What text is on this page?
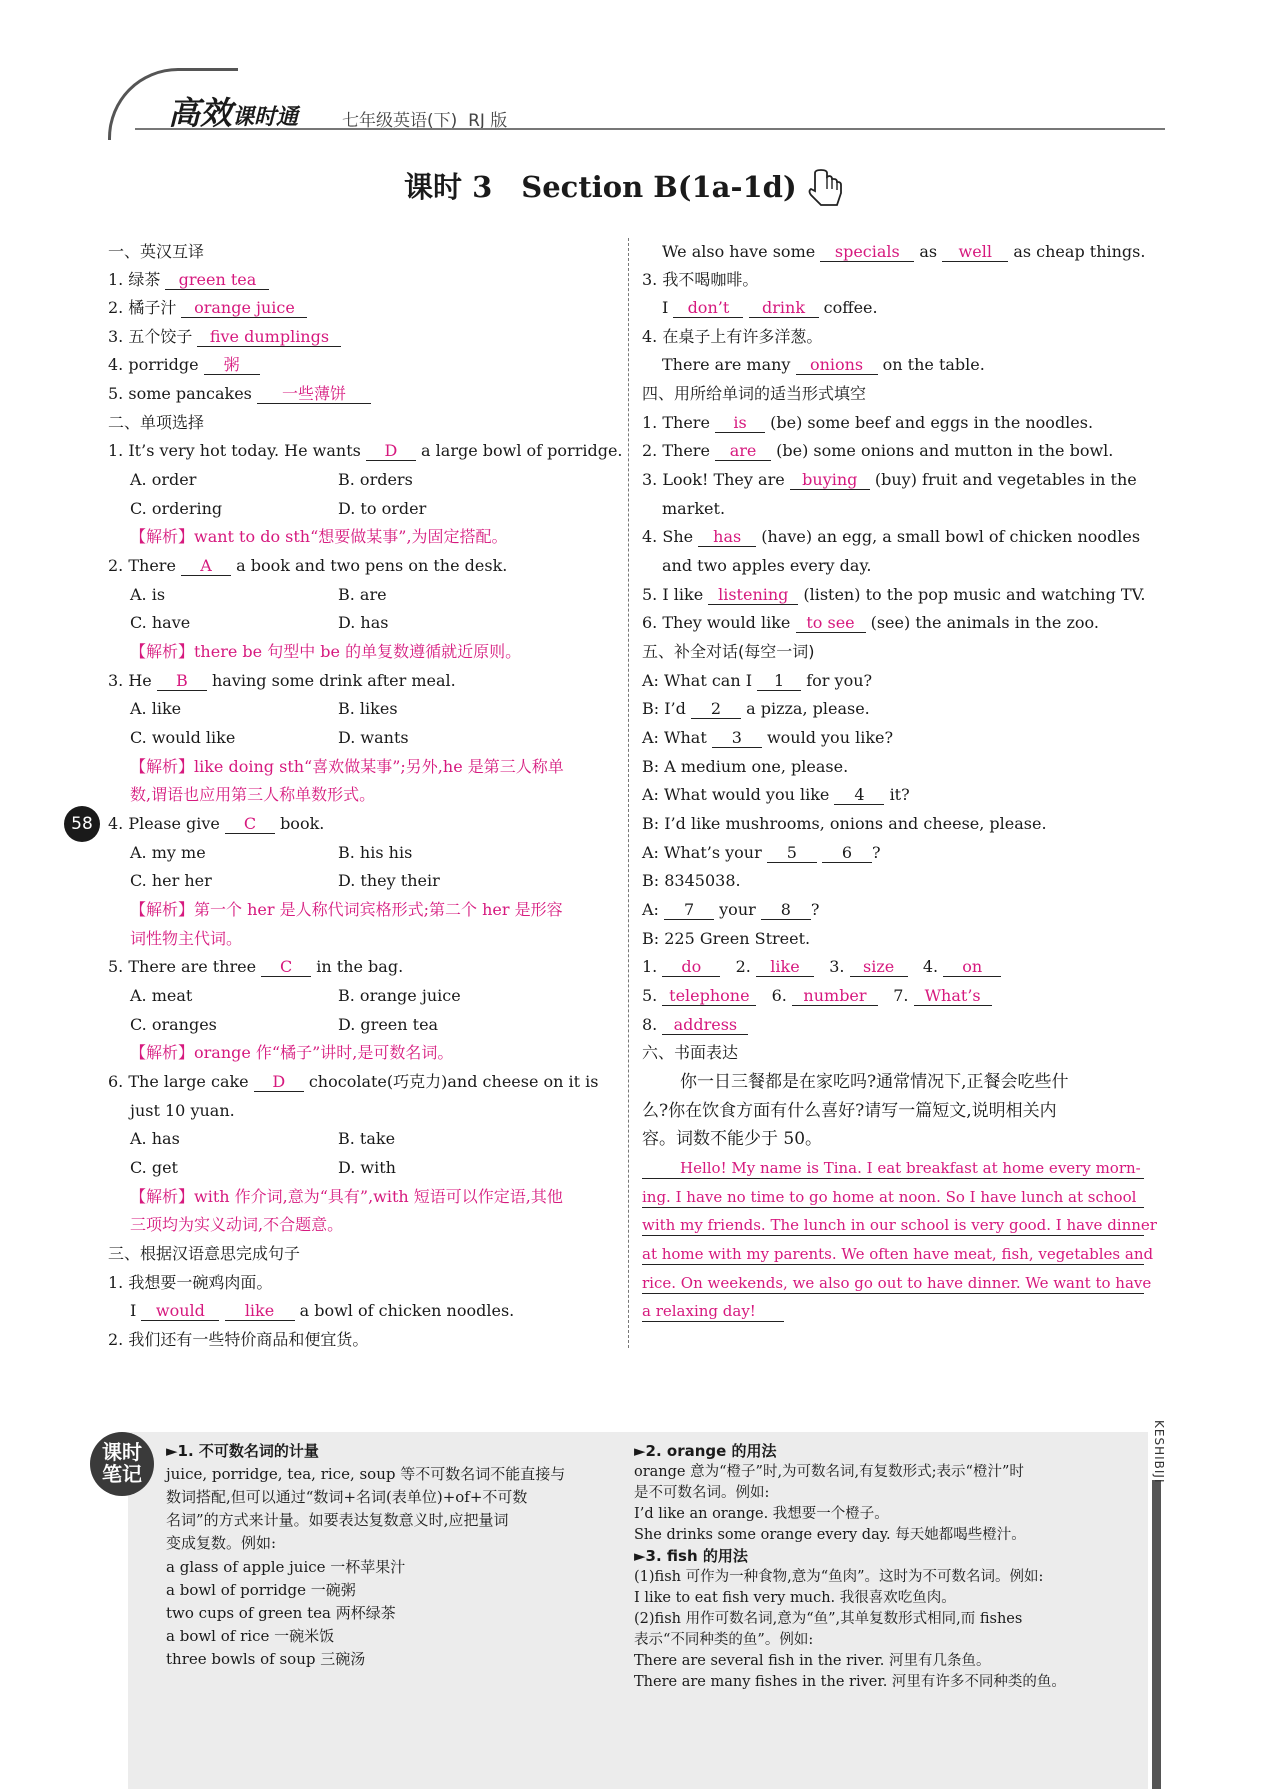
高效课时通	七年级英语(下) RJ 版
课时 3　Section B(1a-1d)
58
一、英汉互译
1. 绿茶 green tea
2. 橘子汁 orange juice
3. 五个饺子 five dumplings
4. porridge 粥
5. some pancakes 一些薄饼
二、单项选择
1. It’s very hot today. He wants D a large bowl of porridge.
A. order	B. orders
C. ordering	D. to order
【解析】want to do sth“想要做某事”,为固定搭配。
2. There A a book and two pens on the desk.
A. is	B. are
C. have	D. has
【解析】there be 句型中 be 的单复数遵循就近原则。
3. He B having some drink after meal.
A. like	B. likes
C. would like	D. wants
【解析】like doing sth“喜欢做某事”;另外,he 是第三人称单
数,谓语也应用第三人称单数形式。
4. Please give C book.
A. my me	B. his his
C. her her	D. they their
【解析】第一个 her 是人称代词宾格形式;第二个 her 是形容
词性物主代词。
5. There are three C in the bag.
A. meat	B. orange juice
C. oranges	D. green tea
【解析】orange 作“橘子”讲时,是可数名词。
6. The large cake D chocolate(巧克力)and cheese on it is
just 10 yuan.
A. has	B. take
C. get	D. with
【解析】with 作介词,意为“具有”,with 短语可以作定语,其他
三项均为实义动词,不合题意。
三、根据汉语意思完成句子
1. 我想要一碗鸡肉面。
I would like a bowl of chicken noodles.
2. 我们还有一些特价商品和便宜货。
We also have some specials as well as cheap things.
3. 我不喝咖啡。
I don’t drink coffee.
4. 在桌子上有许多洋葱。
There are many onions on the table.
四、用所给单词的适当形式填空
1. There is (be) some beef and eggs in the noodles.
2. There are (be) some onions and mutton in the bowl.
3. Look! They are buying (buy) fruit and vegetables in the
market.
4. She has (have) an egg, a small bowl of chicken noodles
and two apples every day.
5. I like listening (listen) to the pop music and watching TV.
6. They would like to see (see) the animals in the zoo.
五、补全对话(每空一词)
A: What can I 1 for you?
B: I’d 2 a pizza, please.
A: What 3 would you like?
B: A medium one, please.
A: What would you like 4 it?
B: I’d like mushrooms, onions and cheese, please.
A: What’s your 5	6 ?
B: 8345038.
A: 7 your 8 ?
B: 225 Green Street.
1. do 2. like 3. size 4. on
5. telephone 6. number 7. What’s
8. address
六、书面表达
你一日三餐都是在家吃吗?通常情况下,正餐会吃些什
么?你在饮食方面有什么喜好?请写一篇短文,说明相关内
容。词数不能少于 50。
Hello! My name is Tina. I eat breakfast at home every morn-
ing. I have no time to go home at noon. So I have lunch at school
with my friends. The lunch in our school is very good. I have dinner
at home with my parents. We often have meat, fish, vegetables and
rice. On weekends, we also go out to have dinner. We want to have
a relaxing day!
课时
笔记	KESHIBIJI
►1. 不可数名词的计量
juice, porridge, tea, rice, soup 等不可数名词不能直接与
数词搭配,但可以通过“数词+名词(表单位)+of+不可数
名词”的方式来计量。如要表达复数意义时,应把量词
变成复数。例如:
a glass of apple juice 一杯苹果汁
a bowl of porridge 一碗粥
two cups of green tea 两杯绿茶
a bowl of rice 一碗米饭
three bowls of soup 三碗汤
►2. orange 的用法
orange 意为“橙子”时,为可数名词,有复数形式;表示“橙汁”时
是不可数名词。例如:
I’d like an orange. 我想要一个橙子。
She drinks some orange every day. 每天她都喝些橙汁。
►3. fish 的用法
(1)fish 可作为一种食物,意为“鱼肉”。这时为不可数名词。例如:
I like to eat fish very much. 我很喜欢吃鱼肉。
(2)fish 用作可数名词,意为“鱼”,其单复数形式相同,而 fishes
表示“不同种类的鱼”。例如:
There are several fish in the river. 河里有几条鱼。
There are many fishes in the river. 河里有许多不同种类的鱼。
